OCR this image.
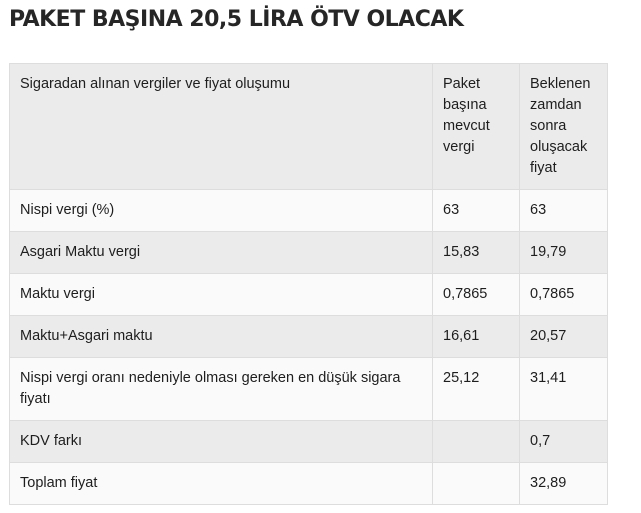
PAKET BAŞINA 20,5 LİRA ÖTV OLACAK
Sigaradan alınan vergiler ve fiyat oluşumu	Paket başına mevcut vergi	Beklenen zamdan sonra oluşacak fiyat
Nispi vergi (%)	63	63
Asgari Maktu vergi	15,83	19,79
Maktu vergi	0,7865	0,7865
Maktu+Asgari maktu	16,61	20,57
Nispi vergi oranı nedeniyle olması gereken en düşük sigara fiyatı	25,12	31,41
KDV farkı		0,7
Toplam fiyat		32,89
